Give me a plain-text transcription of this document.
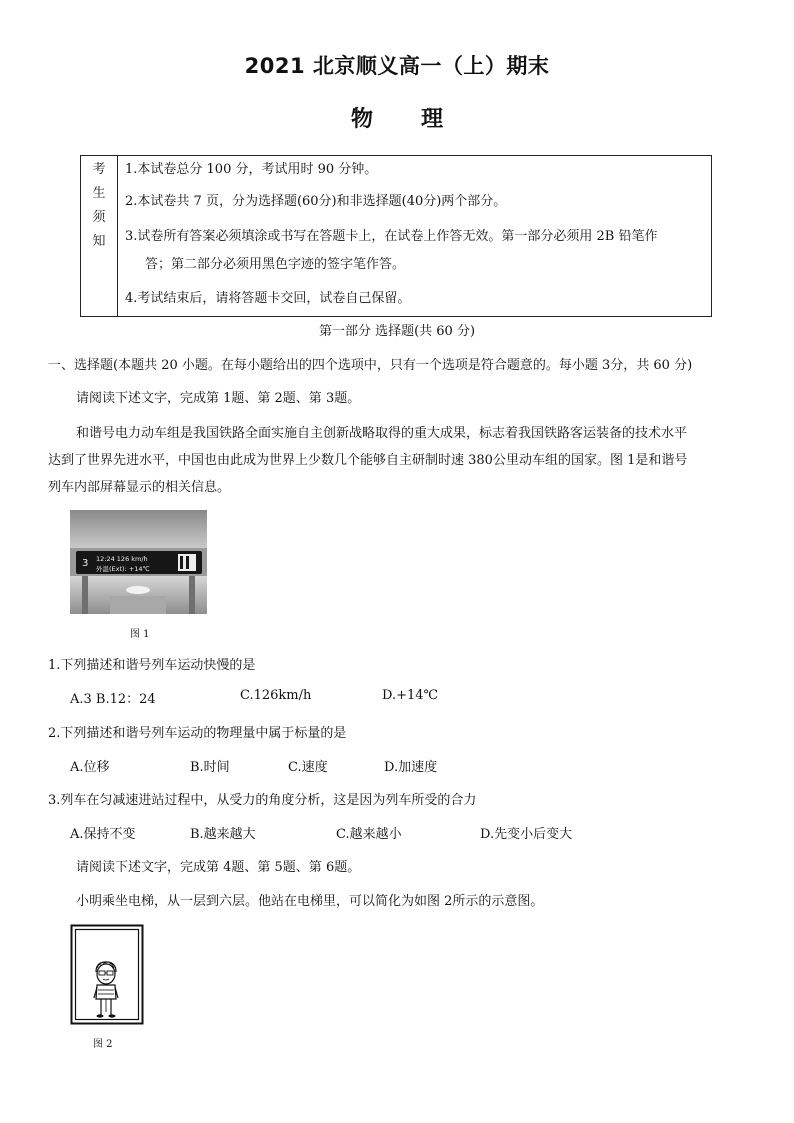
2021 北京顺义高一（上）期末
物 理
考
生
须
知
1.本试卷总分 100 分，考试用时 90 分钟。
2.本试卷共 7 页，分为选择题(60分)和非选择题(40分)两个部分。
3.试卷所有答案必须填涂或书写在答题卡上，在试卷上作答无效。第一部分必须用 2B 铅笔作
答；第二部分必须用黑色字迹的签字笔作答。
4.考试结束后，请将答题卡交回，试卷自己保留。
第一部分 选择题(共 60 分)
一、选择题(本题共 20 小题。在每小题给出的四个选项中，只有一个选项是符合题意的。每小题 3分，共 60 分)
请阅读下述文字，完成第 1题、第 2题、第 3题。
和谐号电力动车组是我国铁路全面实施自主创新战略取得的重大成果，标志着我国铁路客运装备的技术水平
达到了世界先进水平，中国也由此成为世界上少数几个能够自主研制时速 380公里动车组的国家。图 1是和谐号
列车内部屏幕显示的相关信息。
3 12:24 126 km/h
外温(Ext): +14℃
图 1
1.下列描述和谐号列车运动快慢的是
A.3 B.12：24	C.126km/h	D.+14℃
2.下列描述和谐号列车运动的物理量中属于标量的是
A.位移	B.时间	C.速度	D.加速度
3.列车在匀减速进站过程中，从受力的角度分析，这是因为列车所受的合力
A.保持不变	B.越来越大	C.越来越小	D.先变小后变大
请阅读下述文字，完成第 4题、第 5题、第 6题。
小明乘坐电梯，从一层到六层。他站在电梯里，可以简化为如图 2所示的示意图。
图 2
